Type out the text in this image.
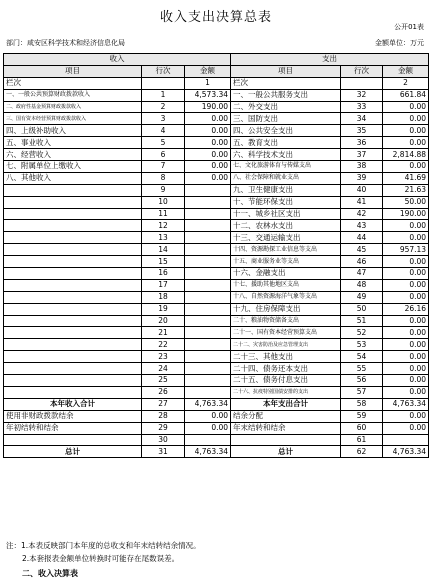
收入支出决算总表
公开01表
部门：咸安区科学技术和经济信息化局	金额单位：万元
收入			支出		
项目	行次	金额	项目	行次	金额
栏次		1	栏次		2
一、一般公共预算财政拨款收入	1	4,573.34	一、一般公共服务支出	32	661.84
二、政府性基金预算财政拨款收入	2	190.00	二、外交支出	33	0.00
三、国有资本经营预算财政拨款收入	3	0.00	三、国防支出	34	0.00
四、上级补助收入	4	0.00	四、公共安全支出	35	0.00
五、事业收入	5	0.00	五、教育支出	36	0.00
六、经营收入	6	0.00	六、科学技术支出	37	2,814.88
七、附属单位上缴收入	7	0.00	七、文化旅游体育与传媒支出	38	0.00
八、其他收入	8	0.00	八、社会保障和就业支出	39	41.69
	9		九、卫生健康支出	40	21.63
	10		十、节能环保支出	41	50.00
	11		十一、城乡社区支出	42	190.00
	12		十二、农林水支出	43	0.00
	13		十三、交通运输支出	44	0.00
	14		十四、资源勘探工业信息等支出	45	957.13
	15		十五、商业服务业等支出	46	0.00
	16		十六、金融支出	47	0.00
	17		十七、援助其他地区支出	48	0.00
	18		十八、自然资源海洋气象等支出	49	0.00
	19		十九、住房保障支出	50	26.16
	20		二十、粮油物资储备支出	51	0.00
	21		二十一、国有资本经营预算支出	52	0.00
	22		二十二、灾害防治及应急管理支出	53	0.00
	23		二十三、其他支出	54	0.00
	24		二十四、债务还本支出	55	0.00
	25		二十五、债务付息支出	56	0.00
	26		二十六、抗疫特别国债安排的支出	57	0.00
本年收入合计	27	4,763.34	本年支出合计	58	4,763.34
使用非财政拨款结余	28	0.00	结余分配	59	0.00
年初结转和结余	29	0.00	年末结转和结余	60	0.00
	30			61	
总计	31	4,763.34	总计	62	4,763.34
注：1.本表反映部门本年度的总收支和年末结转结余情况。
2.本套报表金额单位转换时可能存在尾数误差。
二、收入决算表
